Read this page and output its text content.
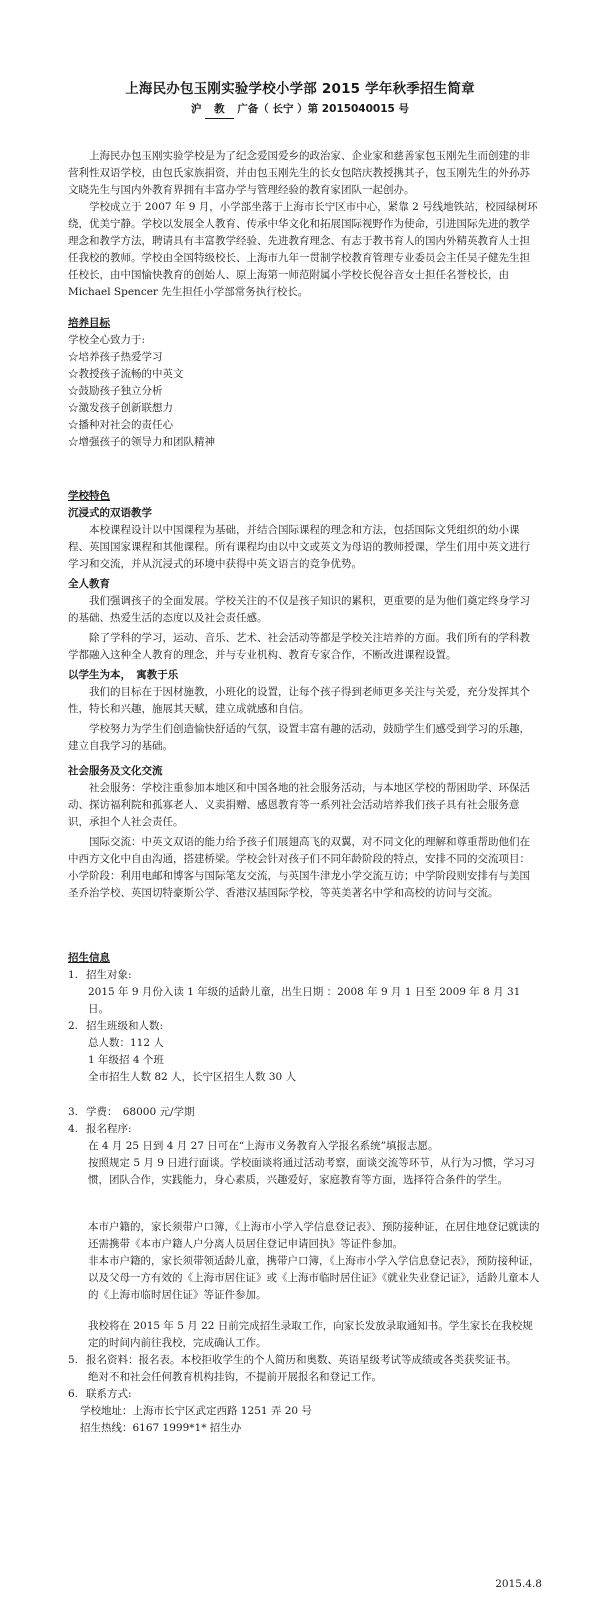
上海民办包玉刚实验学校小学部 2015 学年秋季招生简章
沪 教 广备（ 长宁 ）第 2015040015 号

上海民办包玉刚实验学校是为了纪念爱国爱乡的政治家、企业家和慈善家包玉刚先生而创建的非营利性双语学校，由包氏家族捐资，并由包玉刚先生的长女包陪庆教授携其子，包玉刚先生的外孙苏文晓先生与国内外教育界拥有丰富办学与管理经验的教育家团队一起创办。

学校成立于 2007 年 9 月，小学部坐落于上海市长宁区市中心，紧靠 2 号线地铁站，校园绿树环绕，优美宁静。学校以发展全人教育、传承中华文化和拓展国际视野作为使命，引进国际先进的教学理念和教学方法，聘请具有丰富教学经验、先进教育理念、有志于教书育人的国内外精英教育人士担任我校的教师。学校由全国特级校长、上海市九年一贯制学校教育管理专业委员会主任吴子健先生担任校长，由中国愉快教育的创始人、原上海第一师范附属小学校长倪谷音女士担任名誉校长，由 Michael Spencer 先生担任小学部常务执行校长。

培养目标

学校全心致力于:

☆培养孩子热爱学习

☆教授孩子流畅的中英文

☆鼓励孩子独立分析

☆激发孩子创新联想力

☆播种对社会的责任心

☆增强孩子的领导力和团队精神

学校特色

沉浸式的双语教学

本校课程设计以中国课程为基础，并结合国际课程的理念和方法，包括国际文凭组织的幼小课程、英国国家课程和其他课程。所有课程均由以中文或英文为母语的教师授课，学生们用中英文进行学习和交流，并从沉浸式的环境中获得中英文语言的竞争优势。

全人教育

我们强调孩子的全面发展。学校关注的不仅是孩子知识的累积，更重要的是为他们奠定终身学习的基础、热爱生活的态度以及社会责任感。

除了学科的学习，运动、音乐、艺术、社会活动等都是学校关注培养的方面。我们所有的学科教学都融入这种全人教育的理念，并与专业机构、教育专家合作，不断改进课程设置。

以学生为本，　寓教于乐

我们的目标在于因材施教，小班化的设置，让每个孩子得到老师更多关注与关爱，充分发挥其个性，特长和兴趣，施展其天赋，建立成就感和自信。

学校努力为学生们创造愉快舒适的气氛，设置丰富有趣的活动，鼓励学生们感受到学习的乐趣，建立自我学习的基础。

社会服务及文化交流

社会服务：学校注重参加本地区和中国各地的社会服务活动，与本地区学校的帮困助学、环保活动、探访福利院和孤寡老人、义卖捐赠、感恩教育等一系列社会活动培养我们孩子具有社会服务意识，承担个人社会责任。

国际交流：中英文双语的能力给予孩子们展翅高飞的双翼，对不同文化的理解和尊重帮助他们在中西方文化中自由沟通，搭建桥梁。学校会针对孩子们不同年龄阶段的特点，安排不同的交流项目：小学阶段：利用电邮和博客与国际笔友交流，与英国牛津龙小学交流互访；中学阶段则安排有与美国圣乔治学校、英国切特豪斯公学、香港汉基国际学校，等英美著名中学和高校的访问与交流。

招生信息

1. 招生对象:

2015 年 9 月份入读 1 年级的适龄儿童，出生日期 ：2008 年 9 月 1 日至 2009 年 8 月 31 日。

2. 招生班级和人数:

总人数：112 人

1 年级招 4 个班

全市招生人数 82 人，长宁区招生人数 30 人

3. 学费：　68000 元/学期
4. 报名程序:

在 4 月 25 日到 4 月 27 日可在“上海市义务教育入学报名系统”填报志愿。

按照规定 5 月 9 日进行面谈。学校面谈将通过活动考察，面谈交流等环节，从行为习惯，学习习惯，团队合作，实践能力，身心素质，兴趣爱好，家庭教育等方面，选择符合条件的学生。

本市户籍的，家长须带户口簿，《上海市小学入学信息登记表》、预防接种证，在居住地登记就读的还需携带《本市户籍人户分离人员居住登记申请回执》等证件参加。

非本市户籍的，家长须带领适龄儿童，携带户口簿，《上海市小学入学信息登记表》，预防接种证，以及父母一方有效的《上海市居住证》或《上海市临时居住证》《就业失业登记证》，适龄儿童本人的《上海市临时居住证》等证件参加。

我校将在 2015 年 5 月 22 日前完成招生录取工作，向家长发放录取通知书。学生家长在我校规定的时间内前往我校，完成确认工作。

5. 报名资料：报名表。本校拒收学生的个人简历和奥数、英语星级考试等成绩或各类获奖证书。

绝对不和社会任何教育机构挂钩，不提前开展报名和登记工作。

6. 联系方式:

学校地址：上海市长宁区武定西路 1251 弄 20 号

招生热线：6167 1999*1* 招生办

2015.4.8
